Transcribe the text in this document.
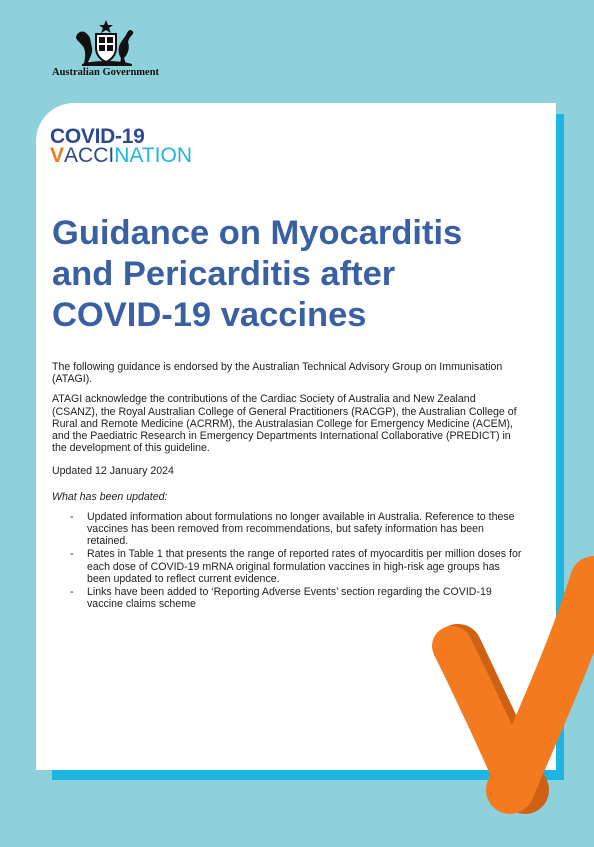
Australian Government
COVID-19
VACCINATION
Guidance on Myocarditis and Pericarditis after COVID-19 vaccines

The following guidance is endorsed by the Australian Technical Advisory Group on Immunisation (ATAGI).

ATAGI acknowledge the contributions of the Cardiac Society of Australia and New Zealand (CSANZ), the Royal Australian College of General Practitioners (RACGP), the Australian College of Rural and Remote Medicine (ACRRM), the Australasian College for Emergency Medicine (ACEM), and the Paediatric Research in Emergency Departments International Collaborative (PREDICT) in the development of this guideline.

Updated 12 January 2024

What has been updated:

- Updated information about formulations no longer available in Australia. Reference to these vaccines has been removed from recommendations, but safety information has been retained.
- Rates in Table 1 that presents the range of reported rates of myocarditis per million doses for each dose of COVID-19 mRNA original formulation vaccines in high-risk age groups has been updated to reflect current evidence.
- Links have been added to ‘Reporting Adverse Events’ section regarding the COVID-19 vaccine claims scheme
